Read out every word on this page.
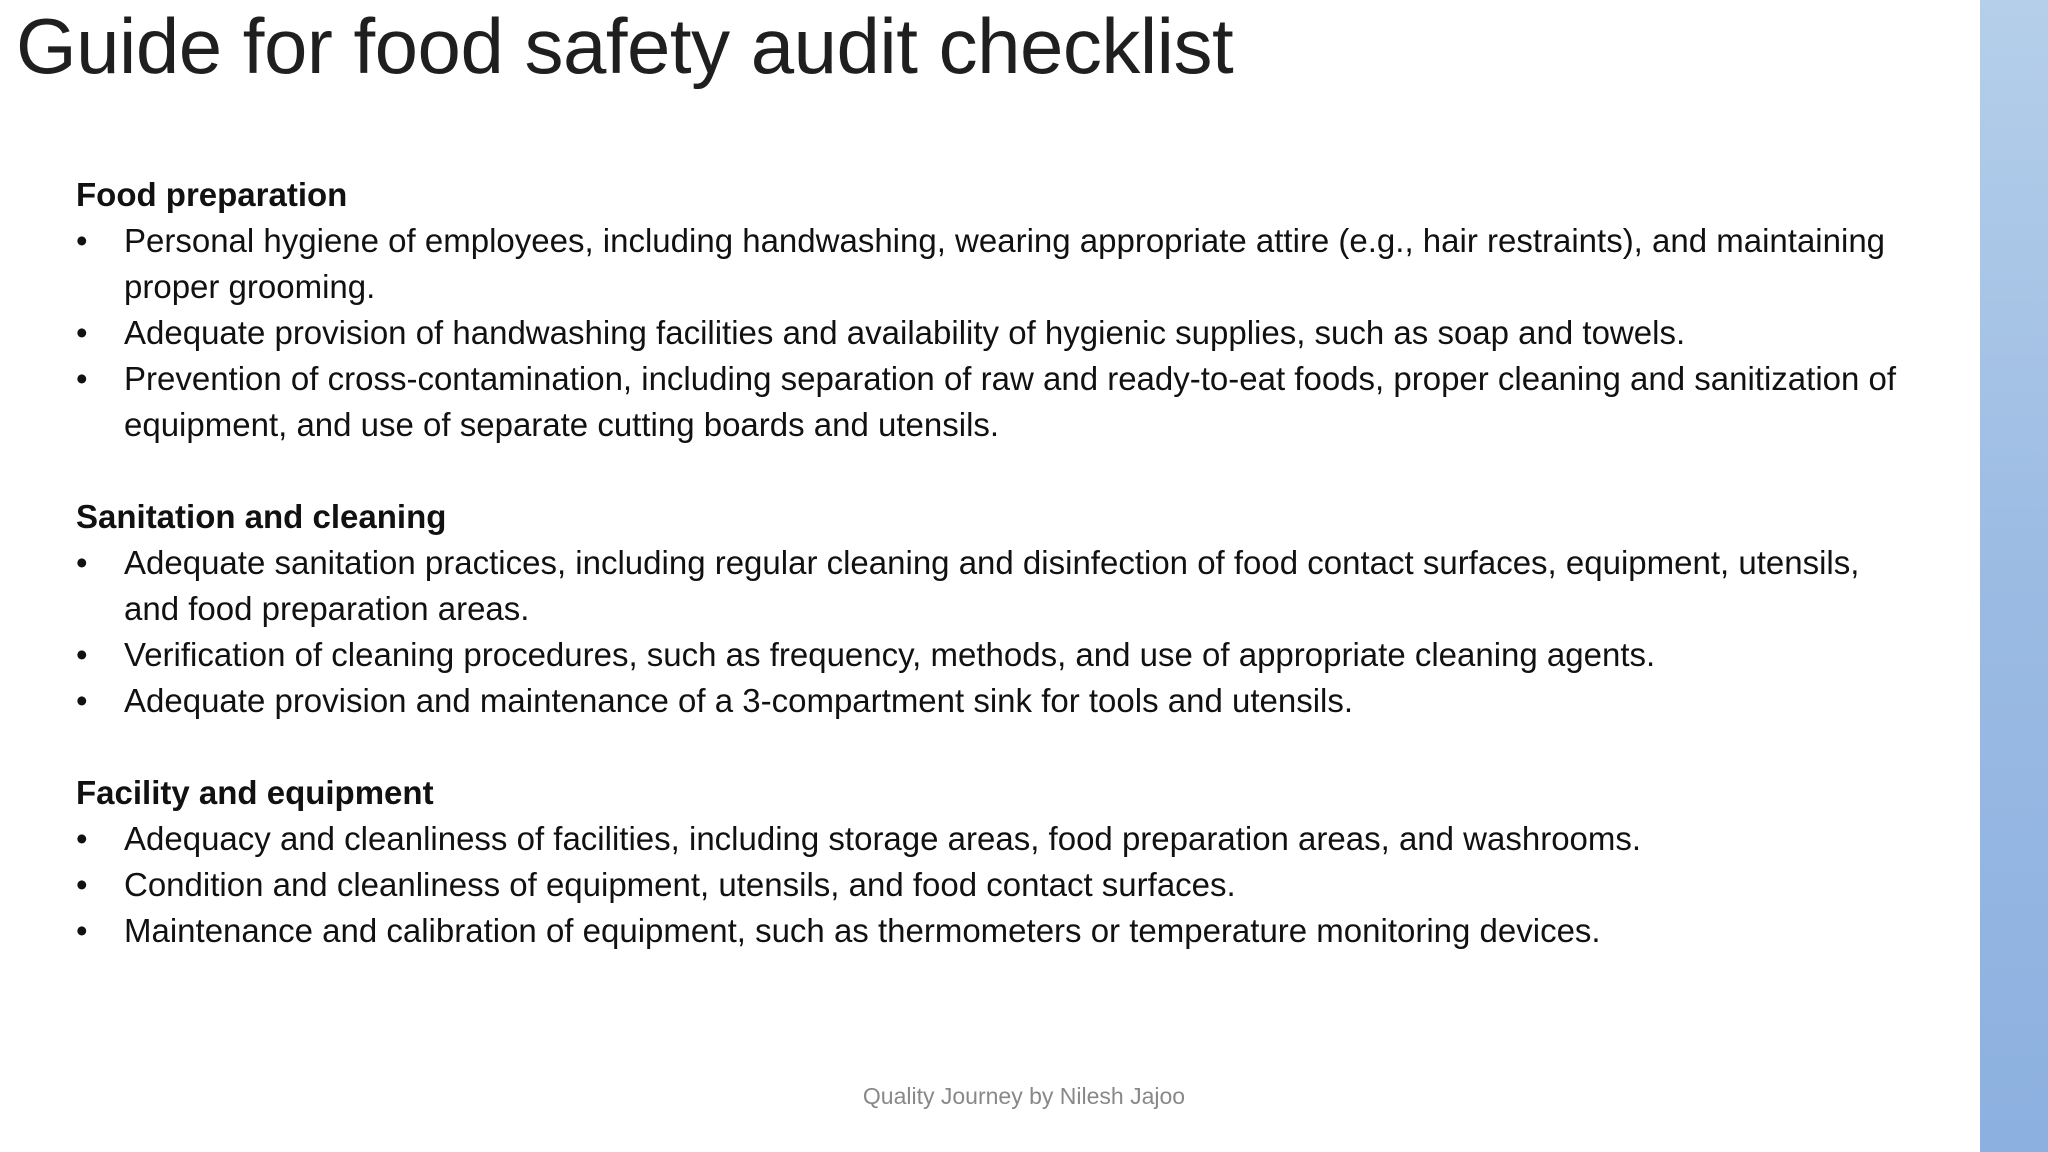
Guide for food safety audit checklist

Food preparation

• Personal hygiene of employees, including handwashing, wearing appropriate attire (e.g., hair restraints), and maintaining proper grooming.
• Adequate provision of handwashing facilities and availability of hygienic supplies, such as soap and towels.
• Prevention of cross-contamination, including separation of raw and ready-to-eat foods, proper cleaning and sanitization of equipment, and use of separate cutting boards and utensils.

Sanitation and cleaning

• Adequate sanitation practices, including regular cleaning and disinfection of food contact surfaces, equipment, utensils, and food preparation areas.
• Verification of cleaning procedures, such as frequency, methods, and use of appropriate cleaning agents.
• Adequate provision and maintenance of a 3-compartment sink for tools and utensils.

Facility and equipment

• Adequacy and cleanliness of facilities, including storage areas, food preparation areas, and washrooms.
• Condition and cleanliness of equipment, utensils, and food contact surfaces.
• Maintenance and calibration of equipment, such as thermometers or temperature monitoring devices.
Quality Journey by Nilesh Jajoo
